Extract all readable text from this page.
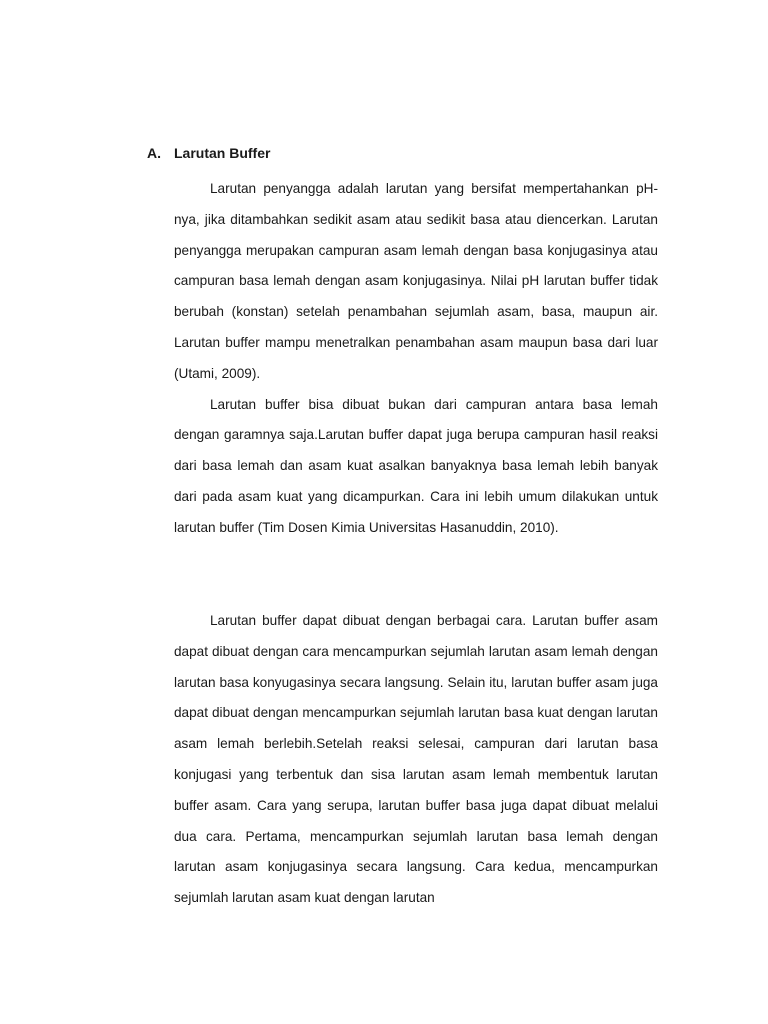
A. Larutan Buffer

Larutan penyangga adalah larutan yang bersifat mempertahankan pH-nya, jika ditambahkan sedikit asam atau sedikit basa atau diencerkan. Larutan penyangga merupakan campuran asam lemah dengan basa konjugasinya atau campuran basa lemah dengan asam konjugasinya. Nilai pH larutan buffer tidak berubah (konstan) setelah penambahan sejumlah asam, basa, maupun air. Larutan buffer mampu menetralkan penambahan asam maupun basa dari luar (Utami, 2009).

Larutan buffer bisa dibuat bukan dari campuran antara basa lemah dengan garamnya saja.Larutan buffer dapat juga berupa campuran hasil reaksi dari basa lemah dan asam kuat asalkan banyaknya basa lemah lebih banyak dari pada asam kuat yang dicampurkan. Cara ini lebih umum dilakukan untuk larutan buffer (Tim Dosen Kimia Universitas Hasanuddin, 2010).

Larutan buffer dapat dibuat dengan berbagai cara. Larutan buffer asam dapat dibuat dengan cara mencampurkan sejumlah larutan asam lemah dengan larutan basa konyugasinya secara langsung. Selain itu, larutan buffer asam juga dapat dibuat dengan mencampurkan sejumlah larutan basa kuat dengan larutan asam lemah berlebih.Setelah reaksi selesai, campuran dari larutan basa konjugasi yang terbentuk dan sisa larutan asam lemah membentuk larutan buffer asam. Cara yang serupa, larutan buffer basa juga dapat dibuat melalui dua cara. Pertama, mencampurkan sejumlah larutan basa lemah dengan larutan asam konjugasinya secara langsung. Cara kedua, mencampurkan sejumlah larutan asam kuat dengan larutan
